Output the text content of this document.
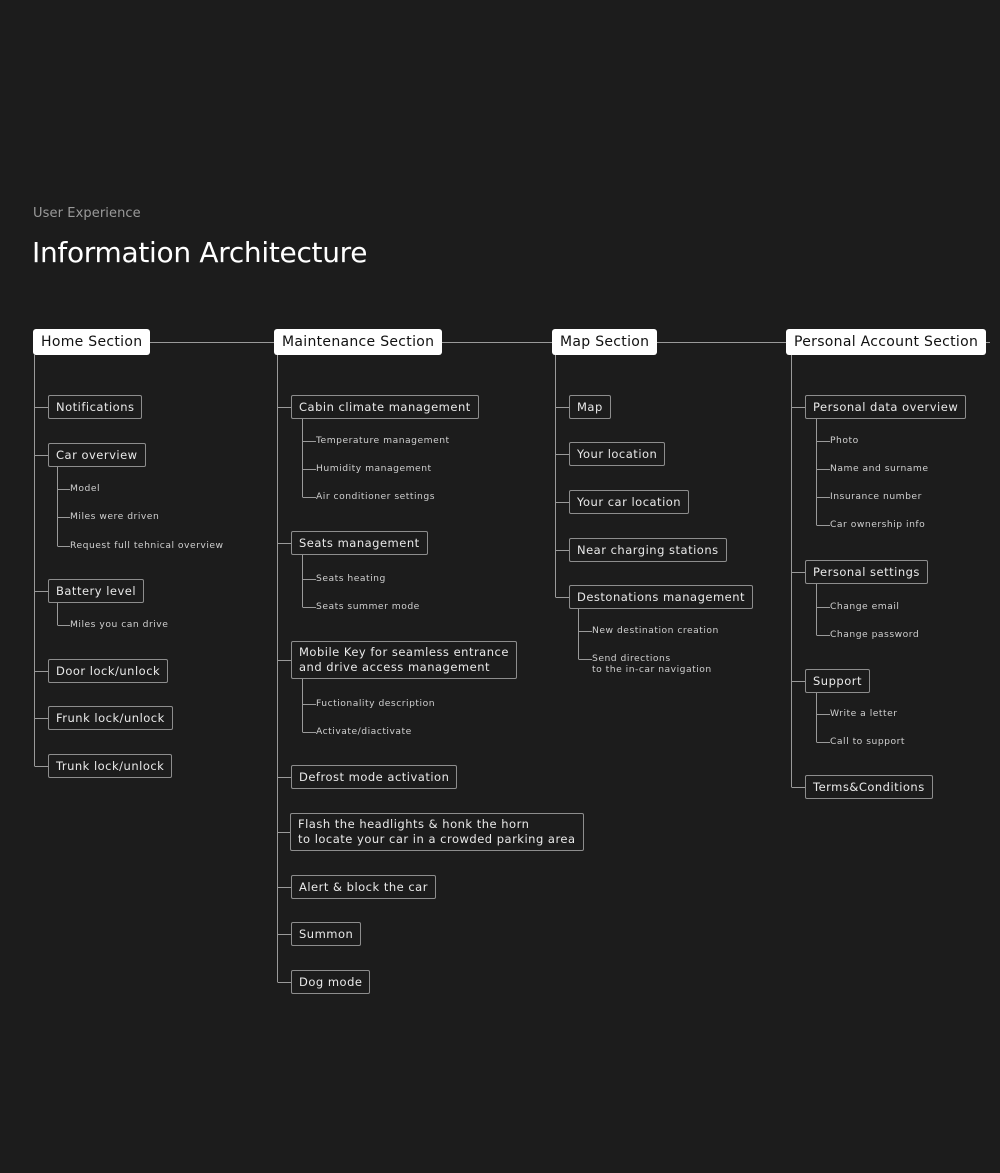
User Experience
Information Architecture
Home Section
Notifications
Car overview
Model
Miles were driven
Request full tehnical overview
Battery level
Miles you can drive
Door lock/unlock
Frunk lock/unlock
Trunk lock/unlock
Maintenance Section
Cabin climate management
Temperature management
Humidity management
Air conditioner settings
Seats management
Seats heating
Seats summer mode
Mobile Key for seamless entrance
and drive access management
Fuctionality description
Activate/diactivate
Defrost mode activation
Flash the headlights & honk the horn
to locate your car in a crowded parking area
Alert & block the car
Summon
Dog mode
Map Section
Map
Your location
Your car location
Near charging stations
Destonations management
New destination creation
Send directions
to the in-car navigation
Personal Account Section
Personal data overview
Photo
Name and surname
Insurance number
Car ownership info
Personal settings
Change email
Change password
Support
Write a letter
Call to support
Terms&Conditions
